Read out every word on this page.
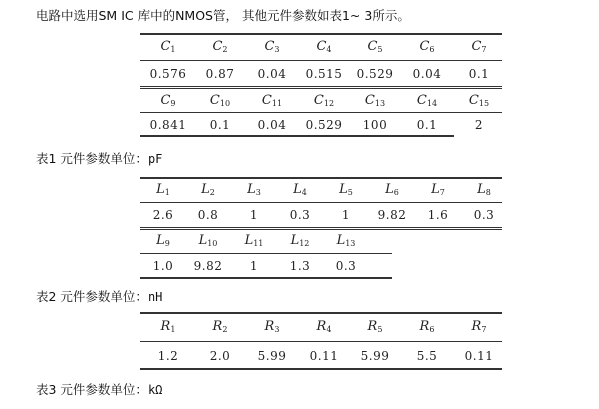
电路中选用SM IC 库中的NMOS管， 其他元件参数如表1~ 3所示。
$C_1$	$C_2$	$C_3$	$C_4$	$C_5$	$C_6$	$C_7$
0.576	0.87	0.04	0.515	0.529	0.04	0.1
$C_9$	$C_{10}$	$C_{11}$	$C_{12}$	$C_{13}$	$C_{14}$	$C_{15}$
0.841	0.1	0.04	0.529	100	0.1	2
表1 元件参数单位：pF
$L_1$	$L_2$	$L_3$	$L_4$	$L_5$	$L_6$	$L_7$	$L_8$
2.6	0.8	1	0.3	1	9.82	1.6	0.3
$L_9$	$L_{10}$	$L_{11}$	$L_{12}$	$L_{13}$
1.0	9.82	1	1.3	0.3
表2 元件参数单位：nH
$R_1$	$R_2$	$R_3$	$R_4$	$R_5$	$R_6$	$R_7$
1.2	2.0	5.99	0.11	5.99	5.5	0.11
表3 元件参数单位：kΩ
